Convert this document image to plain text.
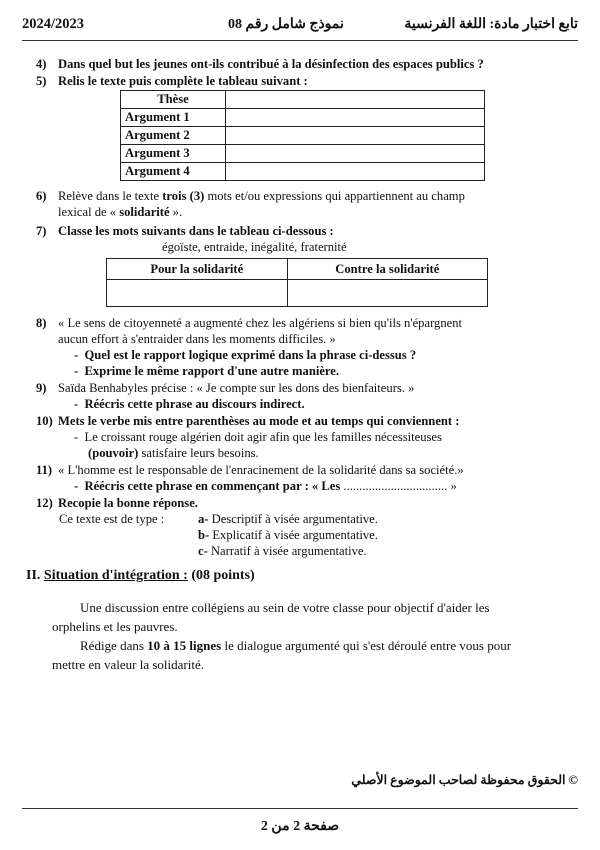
2024/2023	نموذج شامل رقم 08	تابع اختبار مادة: اللغة الفرنسية
4) Dans quel but les jeunes ont-ils contribué à la désinfection des espaces publics ?
5) Relis le texte puis complète le tableau suivant :
Thèse	
Argument 1	
Argument 2	
Argument 3	
Argument 4	
6) Relève dans le texte trois (3) mots et/ou expressions qui appartiennent au champ
lexical de « solidarité ».
7) Classe les mots suivants dans le tableau ci-dessous :
égoïste, entraide, inégalité, fraternité
Pour la solidarité	Contre la solidarité

8) « Le sens de citoyenneté a augmenté chez les algériens si bien qu'ils n'épargnent
aucun effort à s'entraider dans les moments difficiles. »
-  Quel est le rapport logique exprimé dans la phrase ci-dessus ?
-  Exprime le même rapport d'une autre manière.
9) Saïda Benhabyles précise : « Je compte sur les dons des bienfaiteurs. »
-  Réécris cette phrase au discours indirect.
10) Mets le verbe mis entre parenthèses au mode et au temps qui conviennent :
-  Le croissant rouge algérien doit agir afin que les familles nécessiteuses
(pouvoir) satisfaire leurs besoins.
11) « L'homme est le responsable de l'enracinement de la solidarité dans sa société.»
-  Réécris cette phrase en commençant par : « Les ................................. »
12) Recopie la bonne réponse.
Ce texte est de type :	a- Descriptif à visée argumentative.
b- Explicatif à visée argumentative.
c- Narratif à visée argumentative.
II. Situation d'intégration : (08 points)
Une discussion entre collégiens au sein de votre classe pour objectif d'aider les orphelins et les pauvres.
Rédige dans 10 à 15 lignes le dialogue argumenté qui s'est déroulé entre vous pour mettre en valeur la solidarité.
© الحقوق محفوظة لصاحب الموضوع الأصلي
صفحة 2 من 2
